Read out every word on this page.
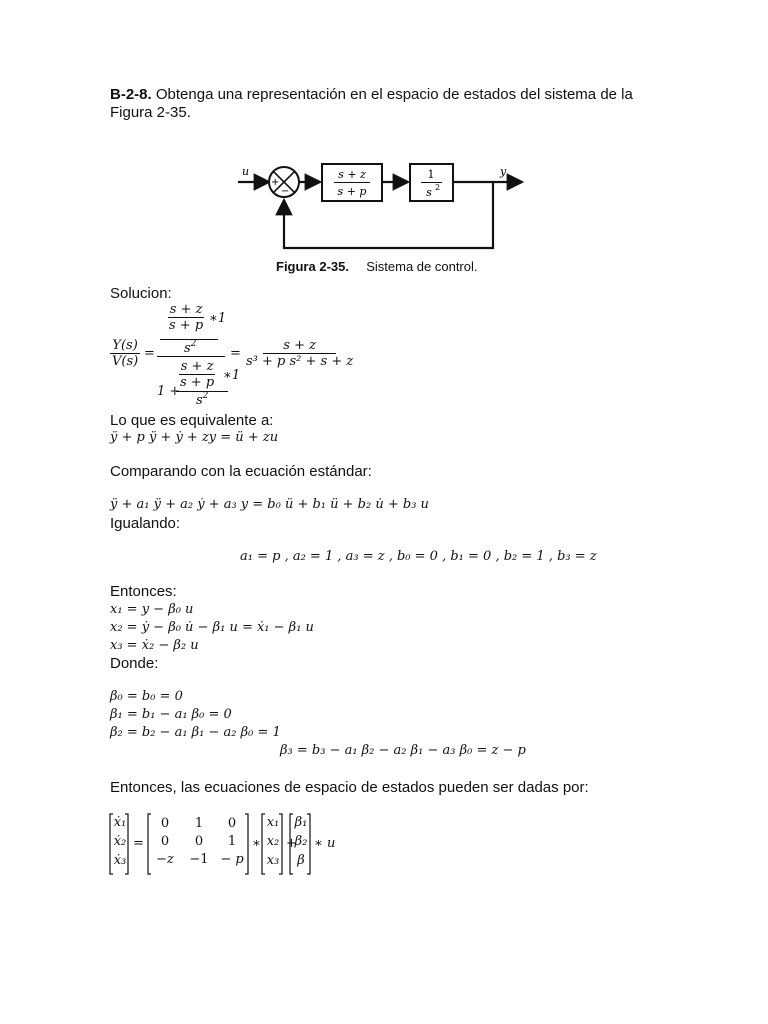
B-2-8. Obtenga una representación en el espacio de estados del sistema de la
Figura 2-35.
+
−
s + z
s + p
1
s 2
u	y
Figura 2-35. Sistema de control.
Solucion:
$\frac{Y(s)}{V(s)}$ =
$\frac{s + z}{s + p}$ ∗1
$s^2$
1 +
$\frac{s + z}{s + p}$ ∗1
$s^2$
= $\frac{s + z}{\text{s³ + p s² + s + z}}$
Lo que es equivalente a:
ÿ + p ÿ + ẏ + zy = ü + zu
Comparando con la ecuación estándar:
ÿ + a₁ ÿ + a₂ ẏ + a₃ y = b₀ ü + b₁ ü + b₂ u̇ + b₃ u
Igualando:
a₁ = p , a₂ = 1 , a₃ = z , b₀ = 0 , b₁ = 0 , b₂ = 1 , b₃ = z
Entonces:
x₁ = y − β₀ u
x₂ = ẏ − β₀ u̇ − β₁ u = ẋ₁ − β₁ u
x₃ = ẋ₂ − β₂ u
Donde:
β₀ = b₀ = 0
β₁ = b₁ − a₁ β₀ = 0
β₂ = b₂ − a₁ β₁ − a₂ β₀ = 1
β₃ = b₃ − a₁ β₂ − a₂ β₁ − a₃ β₀ = z − p
Entonces, las ecuaciones de espacio de estados pueden ser dadas por:
ẋ₁
ẋ₂
ẋ₃
=
0	1	0
0	0	1
−z	−1 − p
∗
x₁
x₂
x₃
+
β₁
β₂
β
∗ u
